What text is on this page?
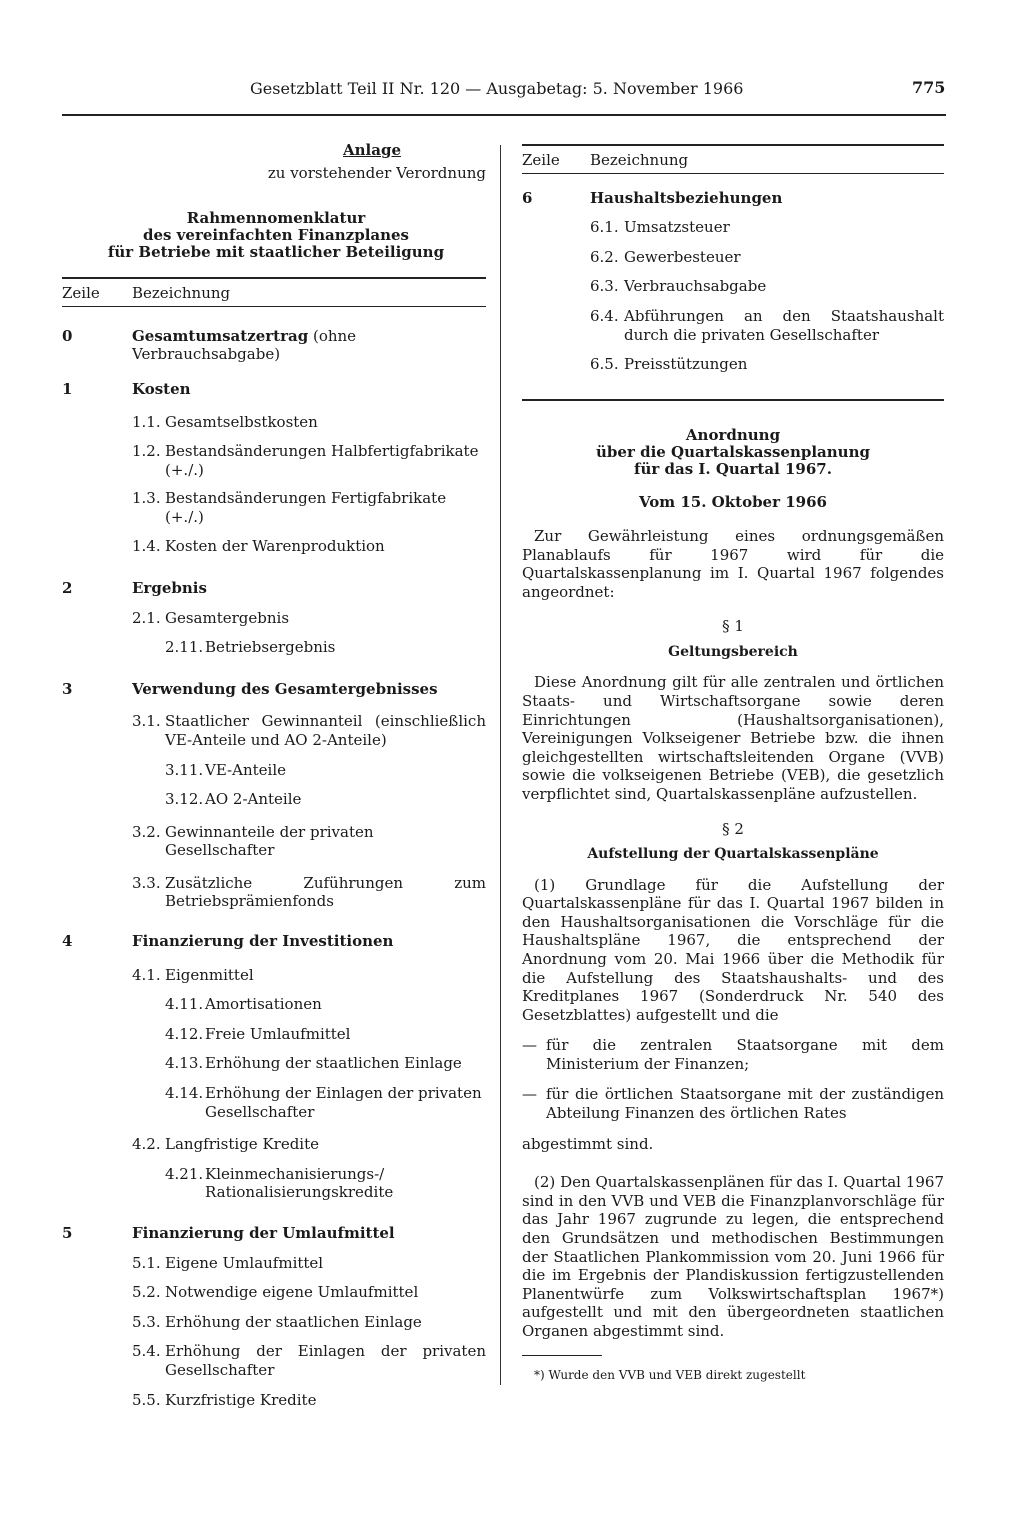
Gesetzblatt Teil II Nr. 120 — Ausgabetag: 5. November 1966	775
Anlage
zu vorstehender Verordnung
Rahmennomenklatur
des vereinfachten Finanzplanes
für Betriebe mit staatlicher Beteiligung
Zeile	Bezeichnung
0	Gesamtumsatzertrag (ohne Verbrauchsabgabe)
1	Kosten
1.1. Gesamtselbstkosten
1.2. Bestandsänderungen Halbfertigfabrikate (+./.)
1.3. Bestandsänderungen Fertigfabrikate (+./.)
1.4. Kosten der Warenproduktion
2	Ergebnis
2.1. Gesamtergebnis
2.11. Betriebsergebnis
3	Verwendung des Gesamtergebnisses
3.1. Staatlicher Gewinnanteil (einschließlich VE-Anteile und AO 2-Anteile)
3.11. VE-Anteile
3.12. AO 2-Anteile
3.2. Gewinnanteile der privaten Gesellschafter
3.3. Zusätzliche Zuführungen zum Betriebsprämienfonds
4	Finanzierung der Investitionen
4.1. Eigenmittel
4.11. Amortisationen
4.12. Freie Umlaufmittel
4.13. Erhöhung der staatlichen Einlage
4.14. Erhöhung der Einlagen der privaten Gesellschafter
4.2. Langfristige Kredite
4.21. Kleinmechanisierungs-/ Rationalisierungskredite
5	Finanzierung der Umlaufmittel
5.1. Eigene Umlaufmittel
5.2. Notwendige eigene Umlaufmittel
5.3. Erhöhung der staatlichen Einlage
5.4. Erhöhung der Einlagen der privaten Gesellschafter
5.5. Kurzfristige Kredite
Zeile	Bezeichnung
6	Haushaltsbeziehungen
6.1. Umsatzsteuer
6.2. Gewerbesteuer
6.3. Verbrauchsabgabe
6.4. Abführungen an den Staatshaushalt durch die privaten Gesellschafter
6.5. Preisstützungen
Anordnung
über die Quartalskassenplanung
für das I. Quartal 1967.
Vom 15. Oktober 1966

Zur Gewährleistung eines ordnungsgemäßen Planablaufs für 1967 wird für die Quartalskassenplanung im I. Quartal 1967 folgendes angeordnet:

§ 1
Geltungsbereich

Diese Anordnung gilt für alle zentralen und örtlichen Staats- und Wirtschaftsorgane sowie deren Einrichtungen (Haushaltsorganisationen), Vereinigungen Volkseigener Betriebe bzw. die ihnen gleichgestellten wirtschaftsleitenden Organe (VVB) sowie die volkseigenen Betriebe (VEB), die gesetzlich verpflichtet sind, Quartalskassenpläne aufzustellen.

§ 2
Aufstellung der Quartalskassenpläne

(1) Grundlage für die Aufstellung der Quartalskassenpläne für das I. Quartal 1967 bilden in den Haushaltsorganisationen die Vorschläge für die Haushaltspläne 1967, die entsprechend der Anordnung vom 20. Mai 1966 über die Methodik für die Aufstellung des Staatshaushalts- und des Kreditplanes 1967 (Sonderdruck Nr. 540 des Gesetzblattes) aufgestellt und die

— für die zentralen Staatsorgane mit dem Ministerium der Finanzen;
— für die örtlichen Staatsorgane mit der zuständigen Abteilung Finanzen des örtlichen Rates
abgestimmt sind.

(2) Den Quartalskassenplänen für das I. Quartal 1967 sind in den VVB und VEB die Finanzplanvorschläge für das Jahr 1967 zugrunde zu legen, die entsprechend den Grundsätzen und methodischen Bestimmungen der Staatlichen Plankommission vom 20. Juni 1966 für die im Ergebnis der Plandiskussion fertigzustellenden Planentwürfe zum Volkswirtschaftsplan 1967*) aufgestellt und mit den übergeordneten staatlichen Organen abgestimmt sind.

*) Wurde den VVB und VEB direkt zugestellt
